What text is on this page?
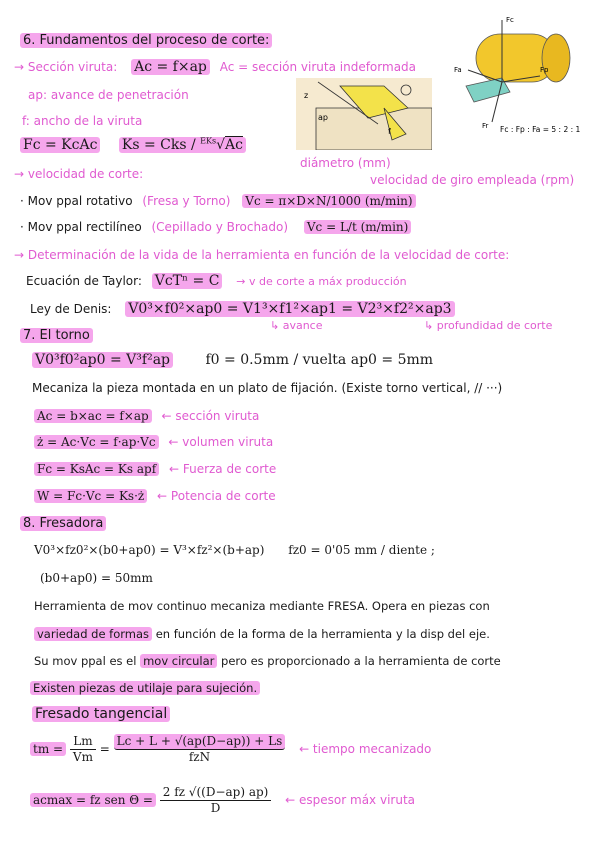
6. Fundamentos del proceso de corte:
→ Sección viruta: Ac = f×ap Ac = sección viruta indeformada
ap: avance de penetración
f: ancho de la viruta
Fc = KcAc Ks = Cks / $^{EKs}$√Ac
→ velocidad de corte:
diámetro (mm)
velocidad de giro empleada (rpm)
· Mov ppal rotativo (Fresa y Torno) Vc = π×D×N/1000 (m/min)
· Mov ppal rectilíneo (Cepillado y Brochado) Vc = L/t (m/min)
→ Determinación de la vida de la herramienta en función de la velocidad de corte:
Ecuación de Taylor: VcTⁿ = C → v de corte a máx producción
Ley de Denis: V0³×f0²×ap0 = V1³×f1²×ap1 = V2³×f2²×ap3
↳ avance	↳ profundidad de corte
z
ap
f
Fc
Fp
Fa
Fr Fc : Fp : Fa = 5 : 2 : 1
7. El torno
V0³f0²ap0 = V³f²ap	f0 = 0.5mm / vuelta ap0 = 5mm
Mecaniza la pieza montada en un plato de fijación. (Existe torno vertical, // ···)
Ac = b×ac = f×ap ← sección viruta
ż = Ac·Vc = f·ap·Vc ← volumen viruta
Fc = KsAc = Ks apf ← Fuerza de corte
W = Fc·Vc = Ks·ż ← Potencia de corte
8. Fresadora
V0³×fz0²×(b0+ap0) = V³×fz²×(b+ap) fz0 = 0'05 mm / diente ;
(b0+ap0) = 50mm
Herramienta de mov continuo mecaniza mediante FRESA. Opera en piezas con
variedad de formas en función de la forma de la herramienta y la disp del eje.
Su mov ppal es el mov circular pero es proporcionado a la herramienta de corte
Existen piezas de utilaje para sujeción.
Fresado tangencial
tm = $\frac{Lm}{Vm} = \frac{Lc + L + √(ap(D-ap)) + Ls}{\text{fzN}}$ ← tiempo mecanizado
acmax = fz sen $\Theta = \frac{2 fz √((D-ap) ap)}{D}$ ← espesor máx viruta
